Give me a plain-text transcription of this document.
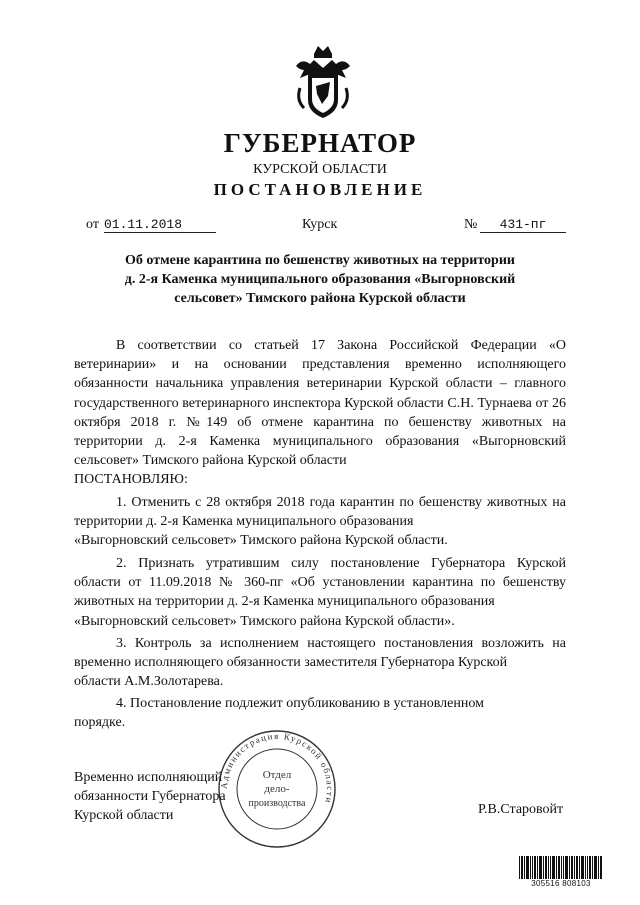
ГУБЕРНАТОР
КУРСКОЙ ОБЛАСТИ
ПОСТАНОВЛЕНИЕ
от 01.11.2018	Курск	№	431-пг
Об отмене карантина по бешенству животных на территории
д. 2-я Каменка муниципального образования «Выгорновский
сельсовет» Тимского района Курской области
В соответствии со статьей 17 Закона Российской Федерации «О ветеринарии» и на основании представления временно исполняющего обязанности начальника управления ветеринарии Курской области – главного государственного ветеринарного инспектора Курской области С.Н. Турнаева от 26 октября 2018 г. №149 об отмене карантина по бешенству животных на территории д. 2-я Каменка муниципального образования «Выгорновский сельсовет» Тимского района Курской области
ПОСТАНОВЛЯЮ:
1. Отменить с 28 октября 2018 года карантин по бешенству животных на территории д. 2-я Каменка муниципального образования
«Выгорновский сельсовет» Тимского района Курской области.
2. Признать утратившим силу постановление Губернатора Курской области от 11.09.2018 № 360-пг «Об установлении карантина по бешенству животных на территории д. 2-я Каменка муниципального образования
«Выгорновский сельсовет» Тимского района Курской области».
3. Контроль за исполнением настоящего постановления возложить на временно исполняющего обязанности заместителя Губернатора Курской
области А.М.Золотарева.
4. Постановление подлежит опубликованию в установленном
порядке.
Временно исполняющий
обязанности Губернатора
Курской области	Р.В.Старовойт
Администрация Курской области
Отдел
дело-
производства
305516 808103
